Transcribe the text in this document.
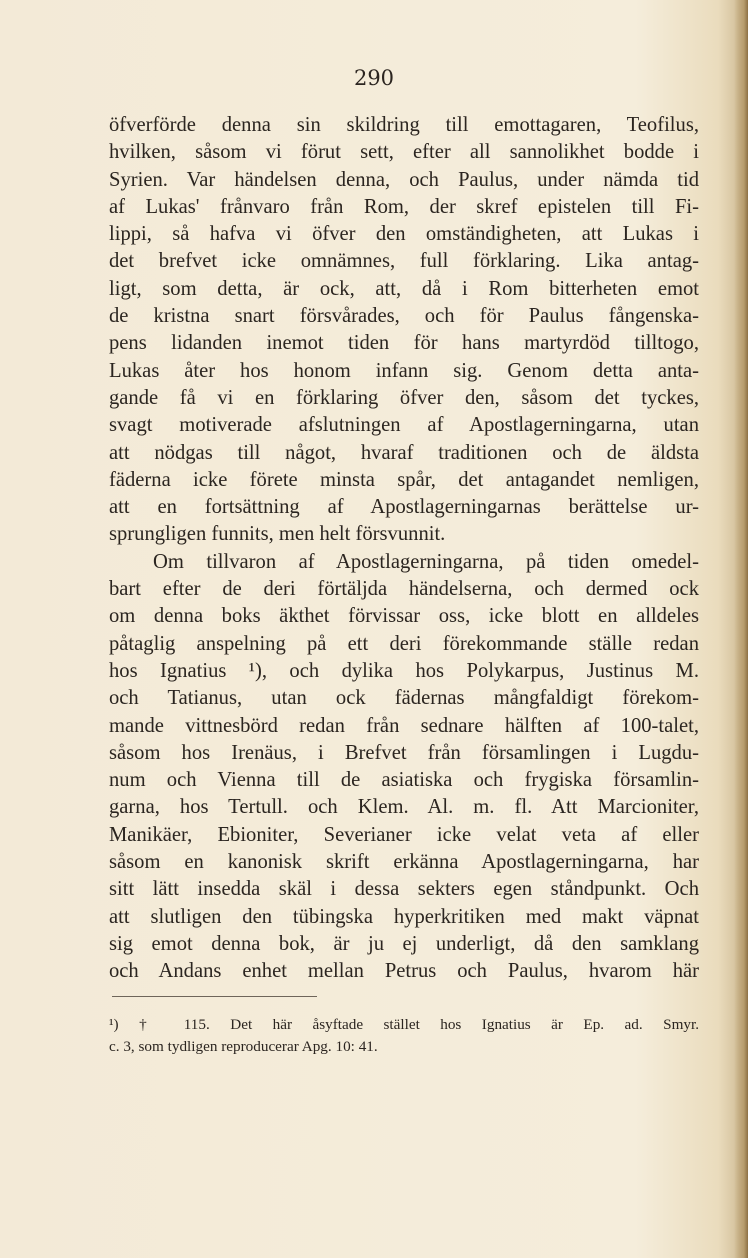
290
öfverförde denna sin skildring till emottagaren, Teofilus,
hvilken, såsom vi förut sett, efter all sannolikhet bodde i
Syrien. Var händelsen denna, och Paulus, under nämda tid
af Lukas' frånvaro från Rom, der skref epistelen till Fi-
lippi, så hafva vi öfver den omständigheten, att Lukas i
det brefvet icke omnämnes, full förklaring. Lika antag-
ligt, som detta, är ock, att, då i Rom bitterheten emot
de kristna snart försvårades, och för Paulus fångenska-
pens lidanden inemot tiden för hans martyrdöd tilltogo,
Lukas åter hos honom infann sig. Genom detta anta-
gande få vi en förklaring öfver den, såsom det tyckes,
svagt motiverade afslutningen af Apostlagerningarna, utan
att nödgas till något, hvaraf traditionen och de äldsta
fäderna icke förete minsta spår, det antagandet nemligen,
att en fortsättning af Apostlagerningarnas berättelse ur-
sprungligen funnits, men helt försvunnit.
Om tillvaron af Apostlagerningarna, på tiden omedel-
bart efter de deri förtäljda händelserna, och dermed ock
om denna boks äkthet förvissar oss, icke blott en alldeles
påtaglig anspelning på ett deri förekommande ställe redan
hos Ignatius ¹), och dylika hos Polykarpus, Justinus M.
och Tatianus, utan ock fädernas mångfaldigt förekom-
mande vittnesbörd redan från sednare hälften af 100-talet,
såsom hos Irenäus, i Brefvet från församlingen i Lugdu-
num och Vienna till de asiatiska och frygiska församlin-
garna, hos Tertull. och Klem. Al. m. fl. Att Marcioniter,
Manikäer, Ebioniter, Severianer icke velat veta af eller
såsom en kanonisk skrift erkänna Apostlagerningarna, har
sitt lätt insedda skäl i dessa sekters egen ståndpunkt. Och
att slutligen den tübingska hyperkritiken med makt väpnat
sig emot denna bok, är ju ej underligt, då den samklang
och Andans enhet mellan Petrus och Paulus, hvarom här
¹) † 115. Det här åsyftade stället hos Ignatius är Ep. ad. Smyr.
c. 3, som tydligen reproducerar Apg. 10: 41.
